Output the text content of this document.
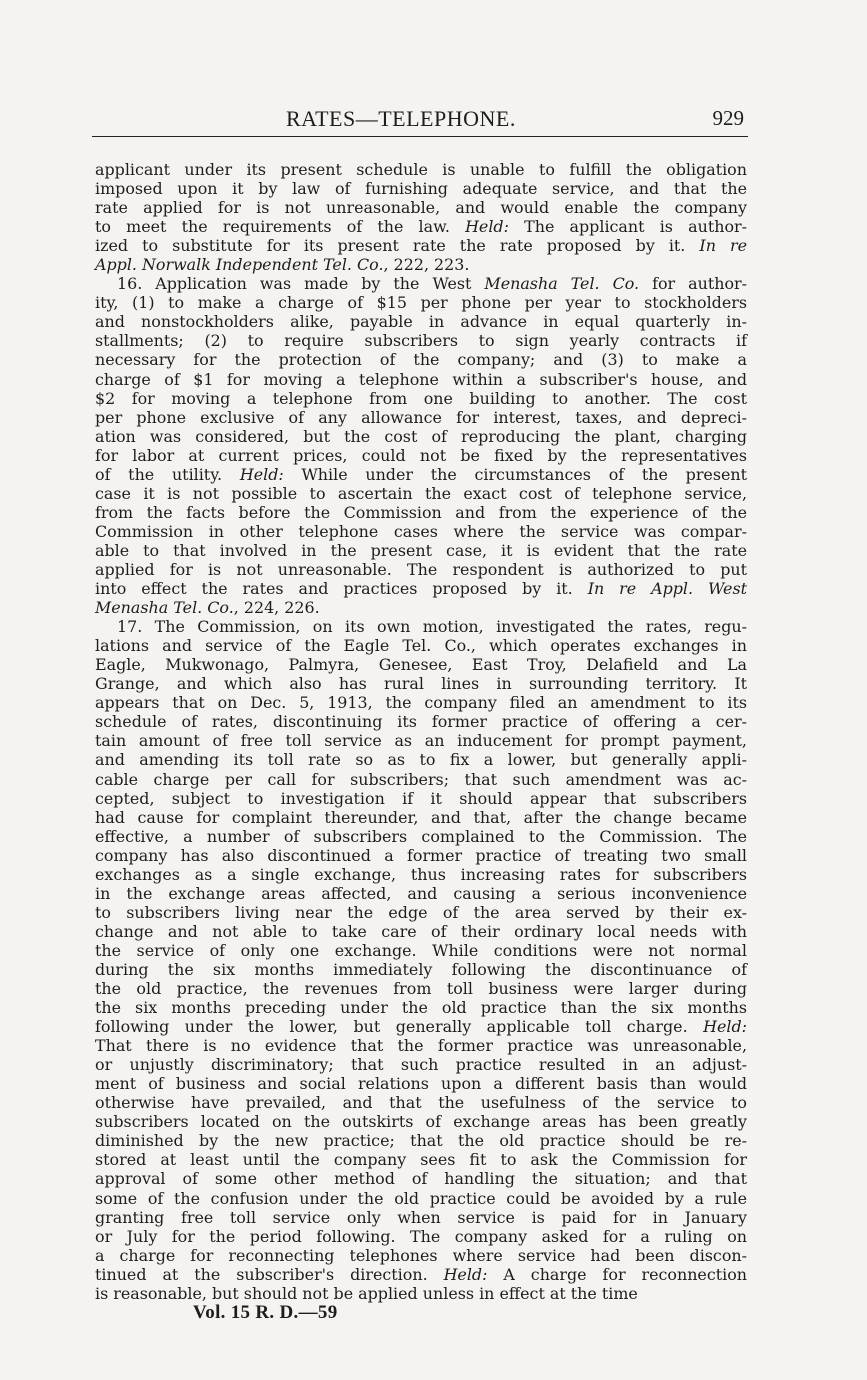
RATES—TELEPHONE.	929
applicant under its present schedule is unable to fulfill the obligation
imposed upon it by law of furnishing adequate service, and that the
rate applied for is not unreasonable, and would enable the company
to meet the requirements of the law. Held: The applicant is author-
ized to substitute for its present rate the rate proposed by it. In re
Appl. Norwalk Independent Tel. Co., 222, 223.
16. Application was made by the West Menasha Tel. Co. for author-
ity, (1) to make a charge of $15 per phone per year to stockholders
and nonstockholders alike, payable in advance in equal quarterly in-
stallments; (2) to require subscribers to sign yearly contracts if
necessary for the protection of the company; and (3) to make a
charge of $1 for moving a telephone within a subscriber's house, and
$2 for moving a telephone from one building to another. The cost
per phone exclusive of any allowance for interest, taxes, and depreci-
ation was considered, but the cost of reproducing the plant, charging
for labor at current prices, could not be fixed by the representatives
of the utility. Held: While under the circumstances of the present
case it is not possible to ascertain the exact cost of telephone service,
from the facts before the Commission and from the experience of the
Commission in other telephone cases where the service was compar-
able to that involved in the present case, it is evident that the rate
applied for is not unreasonable. The respondent is authorized to put
into effect the rates and practices proposed by it. In re Appl. West
Menasha Tel. Co., 224, 226.
17. The Commission, on its own motion, investigated the rates, regu-
lations and service of the Eagle Tel. Co., which operates exchanges in
Eagle, Mukwonago, Palmyra, Genesee, East Troy, Delafield and La
Grange, and which also has rural lines in surrounding territory. It
appears that on Dec. 5, 1913, the company filed an amendment to its
schedule of rates, discontinuing its former practice of offering a cer-
tain amount of free toll service as an inducement for prompt payment,
and amending its toll rate so as to fix a lower, but generally appli-
cable charge per call for subscribers; that such amendment was ac-
cepted, subject to investigation if it should appear that subscribers
had cause for complaint thereunder, and that, after the change became
effective, a number of subscribers complained to the Commission. The
company has also discontinued a former practice of treating two small
exchanges as a single exchange, thus increasing rates for subscribers
in the exchange areas affected, and causing a serious inconvenience
to subscribers living near the edge of the area served by their ex-
change and not able to take care of their ordinary local needs with
the service of only one exchange. While conditions were not normal
during the six months immediately following the discontinuance of
the old practice, the revenues from toll business were larger during
the six months preceding under the old practice than the six months
following under the lower, but generally applicable toll charge. Held:
That there is no evidence that the former practice was unreasonable,
or unjustly discriminatory; that such practice resulted in an adjust-
ment of business and social relations upon a different basis than would
otherwise have prevailed, and that the usefulness of the service to
subscribers located on the outskirts of exchange areas has been greatly
diminished by the new practice; that the old practice should be re-
stored at least until the company sees fit to ask the Commission for
approval of some other method of handling the situation; and that
some of the confusion under the old practice could be avoided by a rule
granting free toll service only when service is paid for in January
or July for the period following. The company asked for a ruling on
a charge for reconnecting telephones where service had been discon-
tinued at the subscriber's direction. Held: A charge for reconnection
is reasonable, but should not be applied unless in effect at the time
Vol. 15 R. D.—59
